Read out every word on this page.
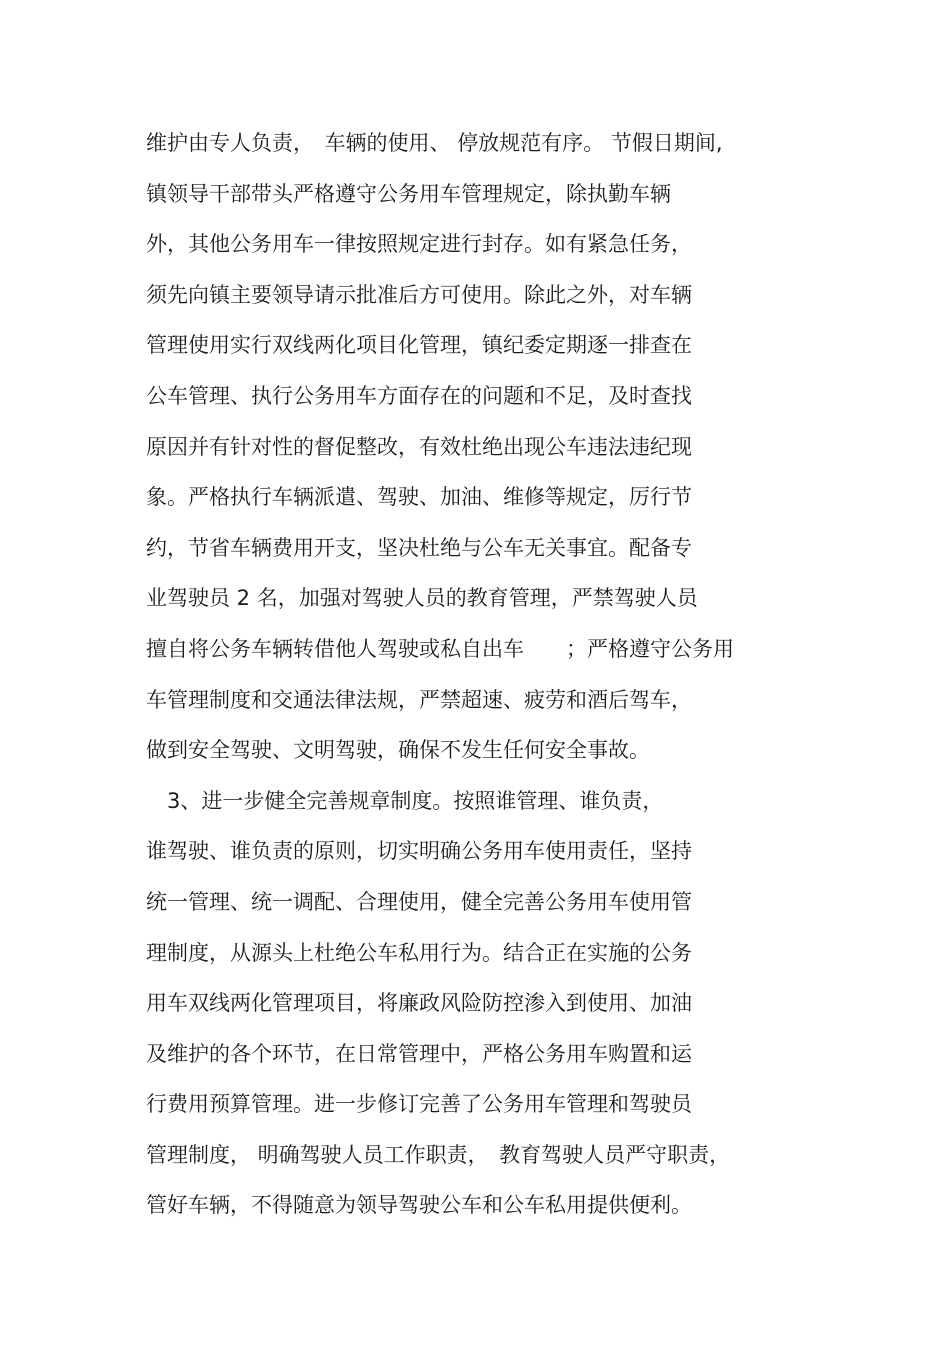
维护由专人负责，　车辆的使用、 停放规范有序。 节假日期间,
镇领导干部带头严格遵守公务用车管理规定，除执勤车辆
外，其他公务用车一律按照规定进行封存。如有紧急任务，
须先向镇主要领导请示批准后方可使用。除此之外，对车辆
管理使用实行双线两化项目化管理，镇纪委定期逐一排查在
公车管理、执行公务用车方面存在的问题和不足，及时查找
原因并有针对性的督促整改，有效杜绝出现公车违法违纪现
象。严格执行车辆派遣、驾驶、加油、维修等规定，厉行节
约，节省车辆费用开支，坚决杜绝与公车无关事宜。配备专
业驾驶员 2 名，加强对驾驶人员的教育管理，严禁驾驶人员
擅自将公务车辆转借他人驾驶或私自出车　　；严格遵守公务用
车管理制度和交通法律法规，严禁超速、疲劳和酒后驾车，
做到安全驾驶、文明驾驶，确保不发生任何安全事故。
　3、进一步健全完善规章制度。按照谁管理、谁负责，
谁驾驶、谁负责的原则，切实明确公务用车使用责任，坚持
统一管理、统一调配、合理使用，健全完善公务用车使用管
理制度，从源头上杜绝公车私用行为。结合正在实施的公务
用车双线两化管理项目，将廉政风险防控渗入到使用、加油
及维护的各个环节，在日常管理中，严格公务用车购置和运
行费用预算管理。进一步修订完善了公务用车管理和驾驶员
管理制度， 明确驾驶人员工作职责，　教育驾驶人员严守职责，
管好车辆，不得随意为领导驾驶公车和公车私用提供便利。
